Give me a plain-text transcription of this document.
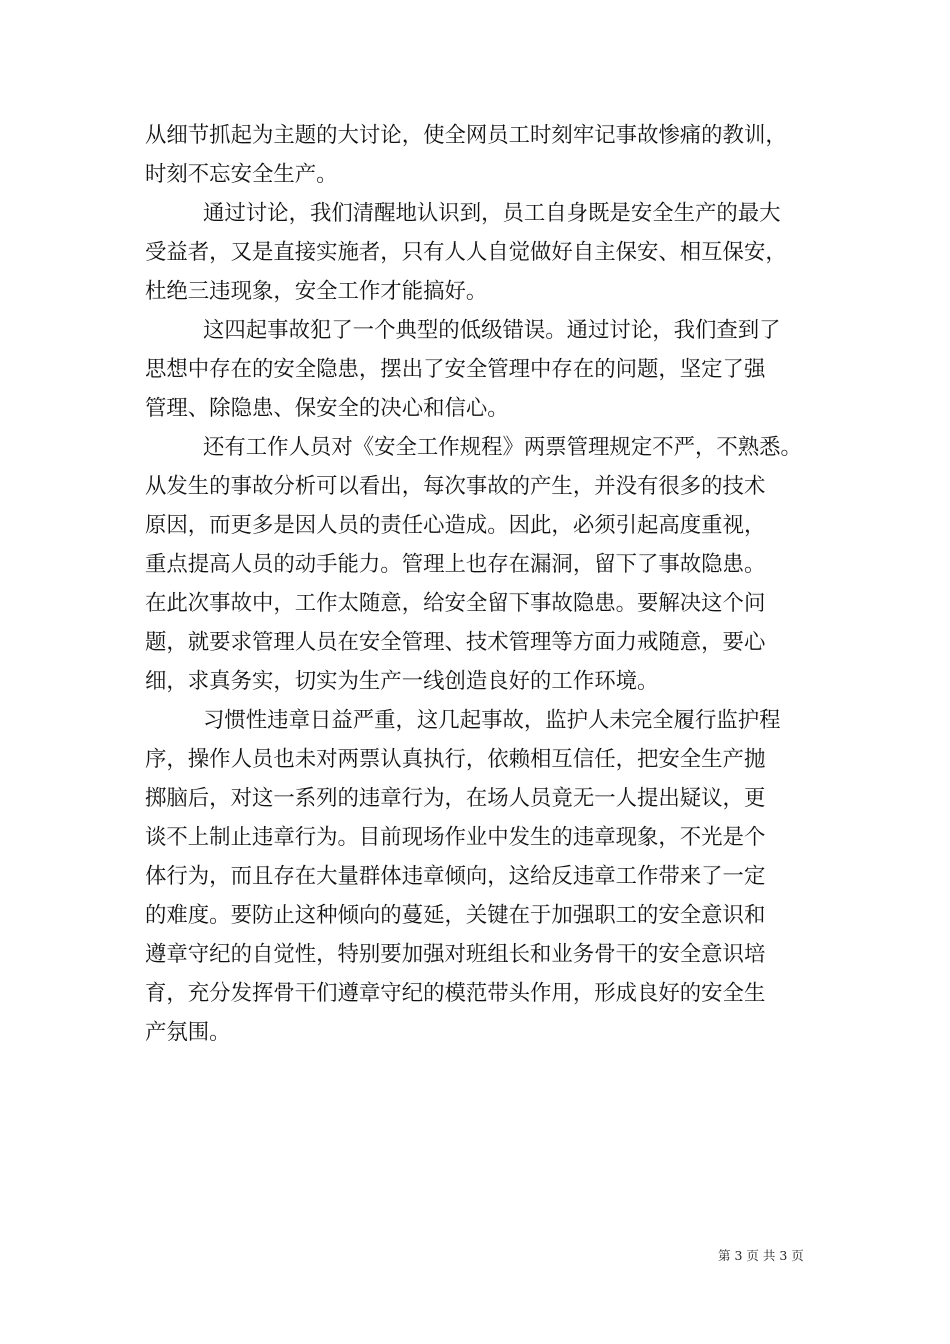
从细节抓起为主题的大讨论，使全网员工时刻牢记事故惨痛的教训，
时刻不忘安全生产。
通过讨论，我们清醒地认识到，员工自身既是安全生产的最大
受益者，又是直接实施者，只有人人自觉做好自主保安、相互保安，
杜绝三违现象，安全工作才能搞好。
这四起事故犯了一个典型的低级错误。通过讨论，我们查到了
思想中存在的安全隐患，摆出了安全管理中存在的问题，坚定了强
管理、除隐患、保安全的决心和信心。
还有工作人员对《安全工作规程》两票管理规定不严，不熟悉。
从发生的事故分析可以看出，每次事故的产生，并没有很多的技术
原因，而更多是因人员的责任心造成。因此，必须引起高度重视，
重点提高人员的动手能力。管理上也存在漏洞，留下了事故隐患。
在此次事故中，工作太随意，给安全留下事故隐患。要解决这个问
题，就要求管理人员在安全管理、技术管理等方面力戒随意，要心
细，求真务实，切实为生产一线创造良好的工作环境。
习惯性违章日益严重，这几起事故，监护人未完全履行监护程
序，操作人员也未对两票认真执行，依赖相互信任，把安全生产抛
掷脑后，对这一系列的违章行为，在场人员竟无一人提出疑议，更
谈不上制止违章行为。目前现场作业中发生的违章现象，不光是个
体行为，而且存在大量群体违章倾向，这给反违章工作带来了一定
的难度。要防止这种倾向的蔓延，关键在于加强职工的安全意识和
遵章守纪的自觉性，特别要加强对班组长和业务骨干的安全意识培
育，充分发挥骨干们遵章守纪的模范带头作用，形成良好的安全生
产氛围。
第 3 页 共 3 页
